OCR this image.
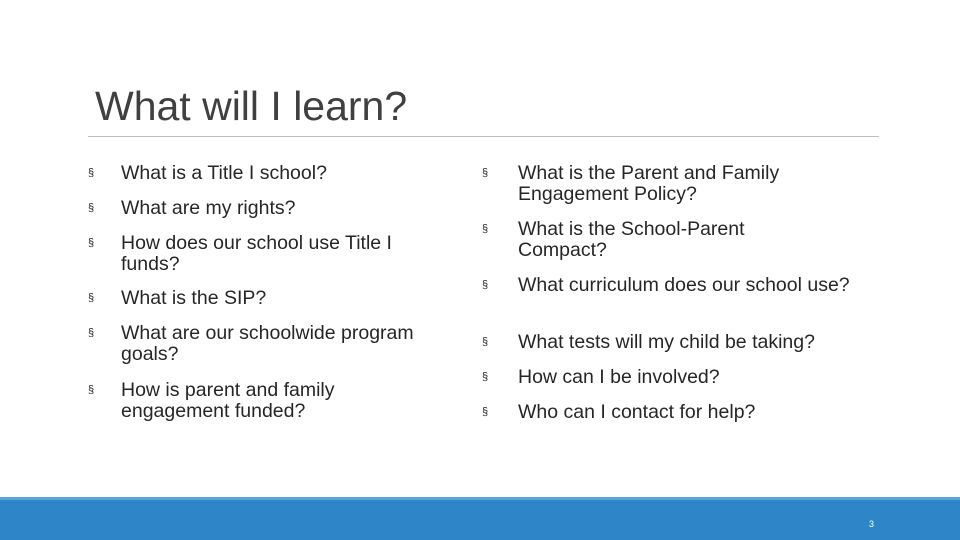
What will I learn?
§	What is a Title I school?
§	What are my rights?
§	How does our school use Title I funds?
§	What is the SIP?
§	What are our schoolwide program goals?
§	How is parent and family engagement funded?
§	What is the Parent and Family Engagement Policy?
§	What is the School-Parent Compact?
§	What curriculum does our school use?
§	What tests will my child be taking?
§	How can I be involved?
§	Who can I contact for help?
3
